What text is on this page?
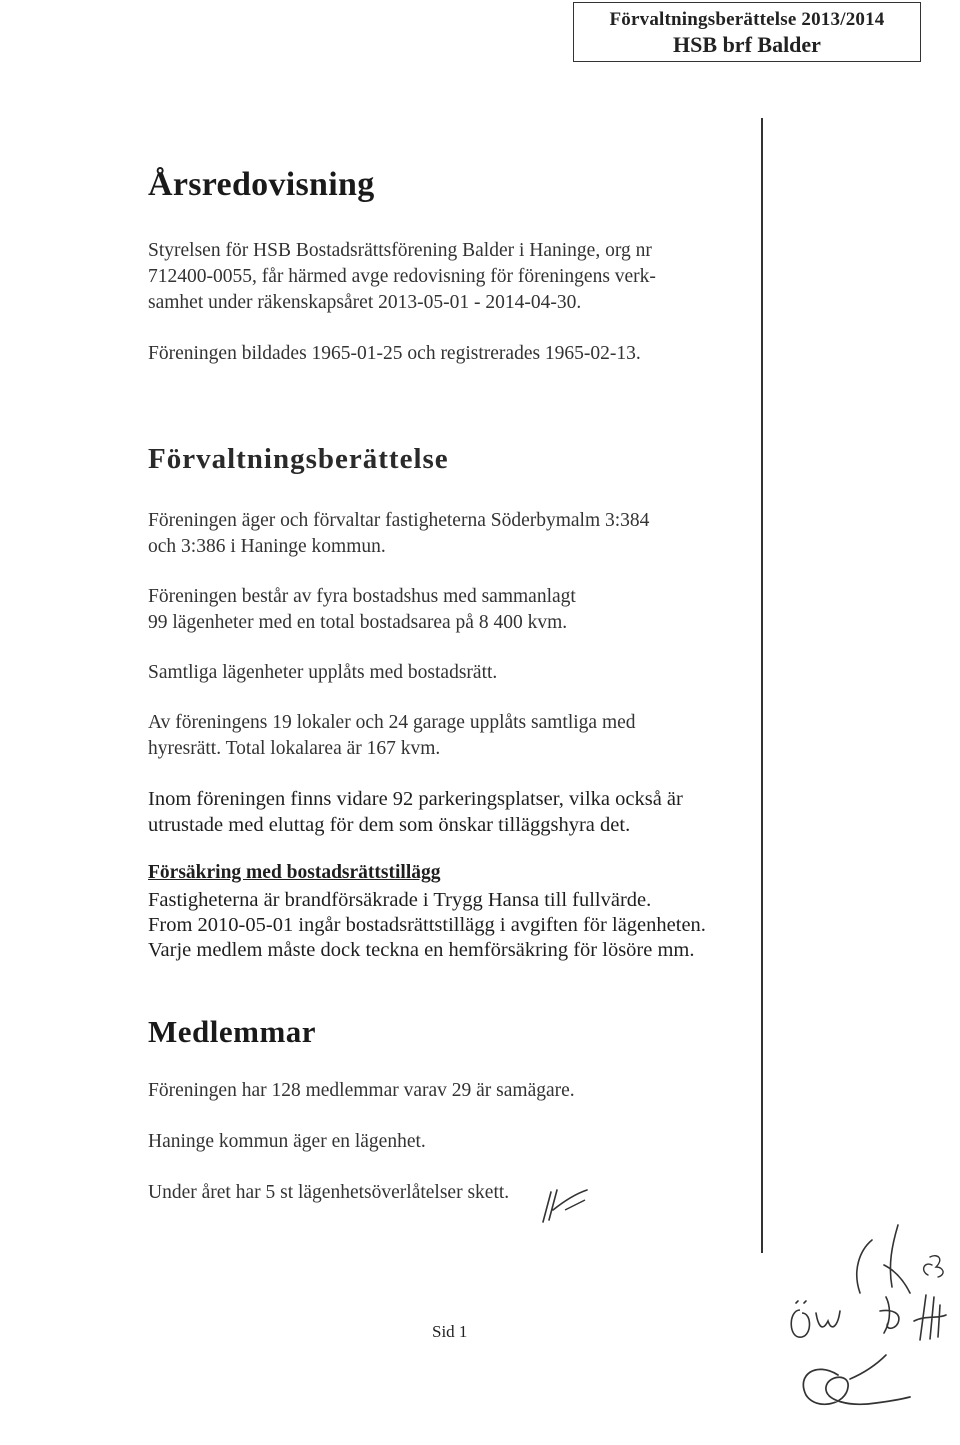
Förvaltningsberättelse 2013/2014
HSB brf Balder
Årsredovisning
Styrelsen för HSB Bostadsrättsförening Balder i Haninge, org nr
712400-0055, får härmed avge redovisning för föreningens verk-
samhet under räkenskapsåret 2013-05-01 - 2014-04-30.
Föreningen bildades 1965-01-25 och registrerades 1965-02-13.
Förvaltningsberättelse
Föreningen äger och förvaltar fastigheterna Söderbymalm 3:384
och 3:386 i Haninge kommun.
Föreningen består av fyra bostadshus med sammanlagt
99 lägenheter med en total bostadsarea på 8 400 kvm.
Samtliga lägenheter upplåts med bostadsrätt.
Av föreningens 19 lokaler och 24 garage upplåts samtliga med
hyresrätt. Total lokalarea är 167 kvm.
Inom föreningen finns vidare 92 parkeringsplatser, vilka också är
utrustade med eluttag för dem som önskar tilläggshyra det.
Försäkring med bostadsrättstillägg
Fastigheterna är brandförsäkrade i Trygg Hansa till fullvärde.
From 2010-05-01 ingår bostadsrättstillägg i avgiften för lägenheten.
Varje medlem måste dock teckna en hemförsäkring för lösöre mm.
Medlemmar
Föreningen har 128 medlemmar varav 29 är samägare.
Haninge kommun äger en lägenhet.
Under året har 5 st lägenhetsöverlåtelser skett.
Sid 1
